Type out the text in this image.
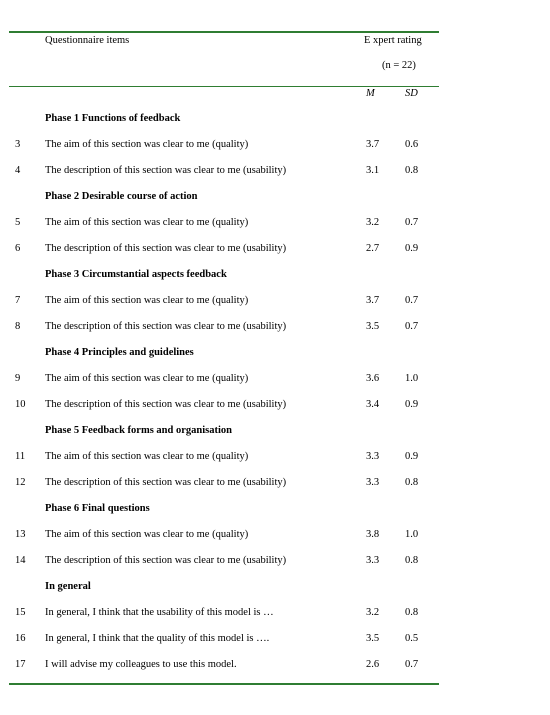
Questionnaire items	E xpert rating
(n = 22)
M	SD
Phase 1 Functions of feedback
3 The aim of this section was clear to me (quality)	3.7 0.6
4 The description of this section was clear to me (usability)	3.1 0.8
Phase 2 Desirable course of action
5 The aim of this section was clear to me (quality)	3.2 0.7
6 The description of this section was clear to me (usability)	2.7 0.9
Phase 3 Circumstantial aspects feedback
7 The aim of this section was clear to me (quality)	3.7 0.7
8 The description of this section was clear to me (usability)	3.5 0.7
Phase 4 Principles and guidelines
9 The aim of this section was clear to me (quality)	3.6 1.0
10 The description of this section was clear to me (usability)	3.4 0.9
Phase 5 Feedback forms and organisation
11 The aim of this section was clear to me (quality)	3.3 0.9
12 The description of this section was clear to me (usability)	3.3 0.8
Phase 6 Final questions
13 The aim of this section was clear to me (quality)	3.8 1.0
14 The description of this section was clear to me (usability)	3.3 0.8
In general
15 In general, I think that the usability of this model is …	3.2 0.8
16 In general, I think that the quality of this model is ….	3.5 0.5
17 I will advise my colleagues to use this model.	2.6 0.7
